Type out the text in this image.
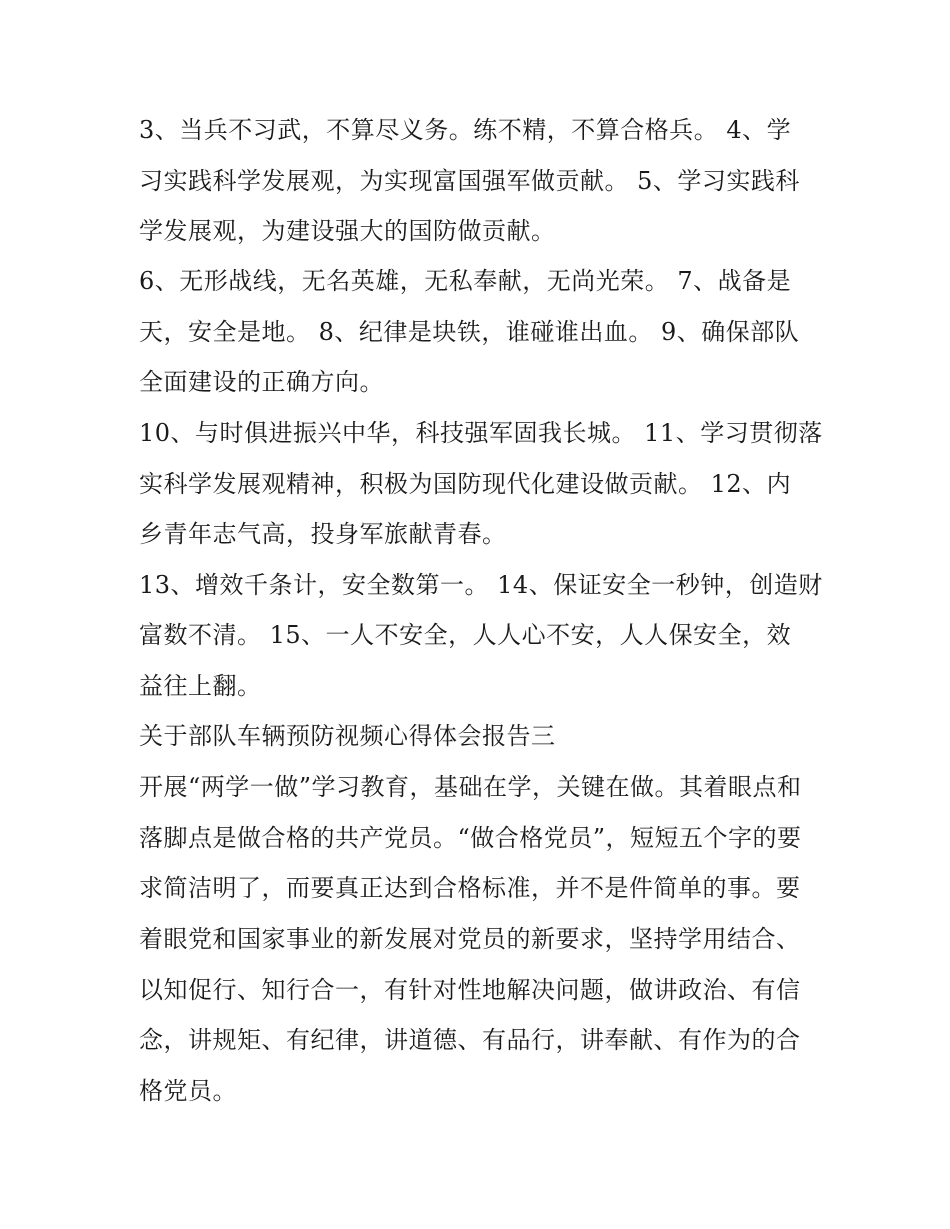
3、当兵不习武，不算尽义务。练不精，不算合格兵。 4、学
习实践科学发展观，为实现富国强军做贡献。 5、学习实践科
学发展观，为建设强大的国防做贡献。
6、无形战线，无名英雄，无私奉献，无尚光荣。 7、战备是
天，安全是地。 8、纪律是块铁，谁碰谁出血。 9、确保部队
全面建设的正确方向。
10、与时俱进振兴中华，科技强军固我长城。 11、学习贯彻落
实科学发展观精神，积极为国防现代化建设做贡献。 12、内
乡青年志气高，投身军旅献青春。
13、增效千条计，安全数第一。 14、保证安全一秒钟，创造财
富数不清。 15、一人不安全，人人心不安，人人保安全，效
益往上翻。
关于部队车辆预防视频心得体会报告三
开展“两学一做”学习教育，基础在学，关键在做。其着眼点和
落脚点是做合格的共产党员。“做合格党员”，短短五个字的要
求简洁明了，而要真正达到合格标准，并不是件简单的事。要
着眼党和国家事业的新发展对党员的新要求，坚持学用结合、
以知促行、知行合一，有针对性地解决问题，做讲政治、有信
念，讲规矩、有纪律，讲道德、有品行，讲奉献、有作为的合
格党员。
